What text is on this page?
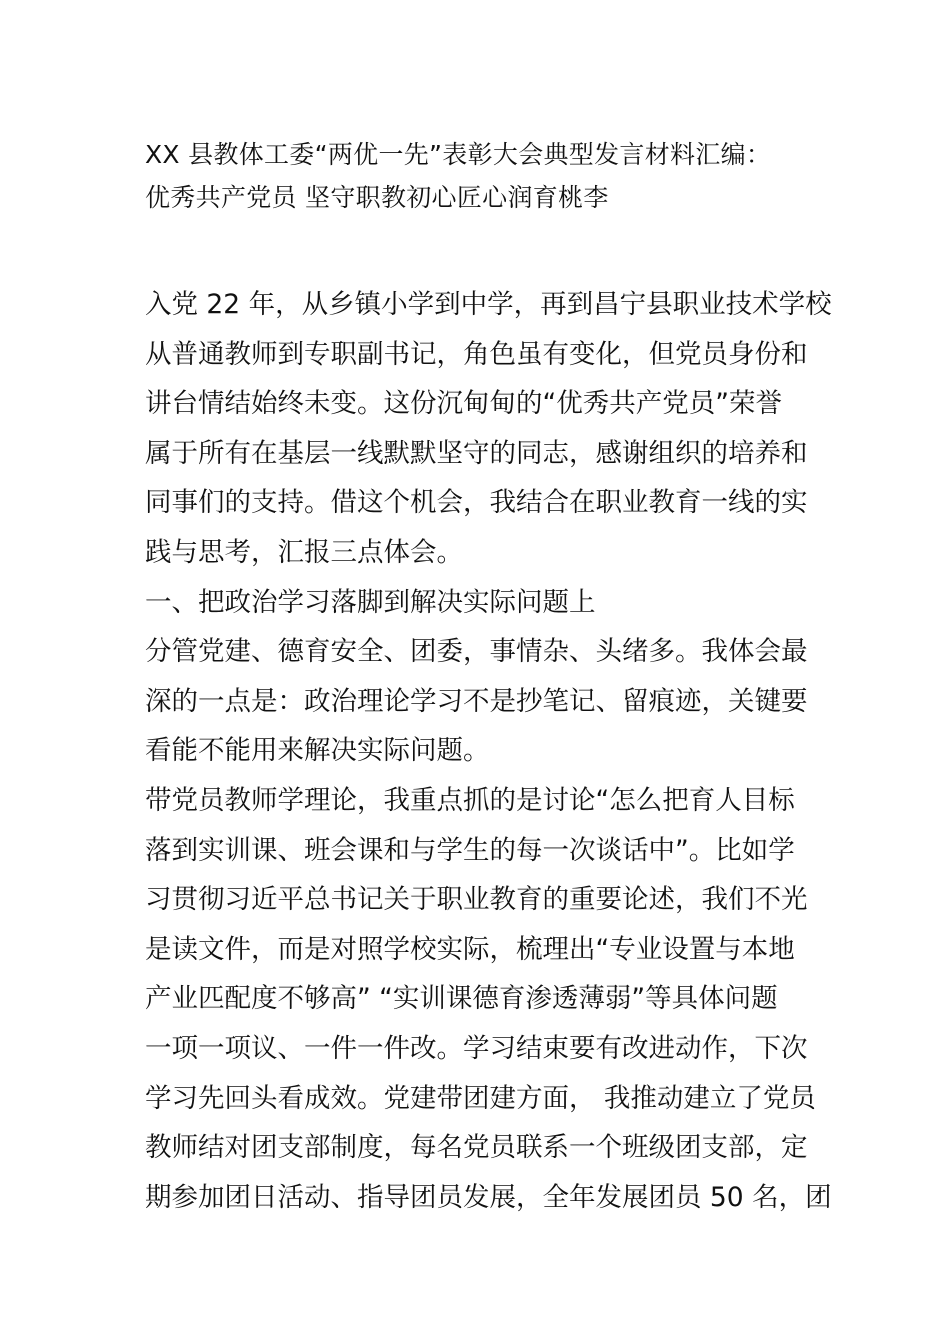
XX 县教体工委“两优一先”表彰大会典型发言材料汇编：
优秀共产党员 坚守职教初心匠心润育桃李
入党 22 年，从乡镇小学到中学，再到昌宁县职业技术学校
从普通教师到专职副书记，角色虽有变化，但党员身份和
讲台情结始终未变。这份沉甸甸的“优秀共产党员”荣誉
属于所有在基层一线默默坚守的同志，感谢组织的培养和
同事们的支持。借这个机会，我结合在职业教育一线的实
践与思考，汇报三点体会。
一、把政治学习落脚到解决实际问题上
分管党建、德育安全、团委，事情杂、头绪多。我体会最
深的一点是：政治理论学习不是抄笔记、留痕迹，关键要
看能不能用来解决实际问题。
带党员教师学理论，我重点抓的是讨论“怎么把育人目标
落到实训课、班会课和与学生的每一次谈话中”。比如学
习贯彻习近平总书记关于职业教育的重要论述，我们不光
是读文件，而是对照学校实际，梳理出“专业设置与本地
产业匹配度不够高” “实训课德育渗透薄弱”等具体问题
一项一项议、一件一件改。学习结束要有改进动作，下次
学习先回头看成效。党建带团建方面， 我推动建立了党员
教师结对团支部制度，每名党员联系一个班级团支部，定
期参加团日活动、指导团员发展，全年发展团员 50 名，团
